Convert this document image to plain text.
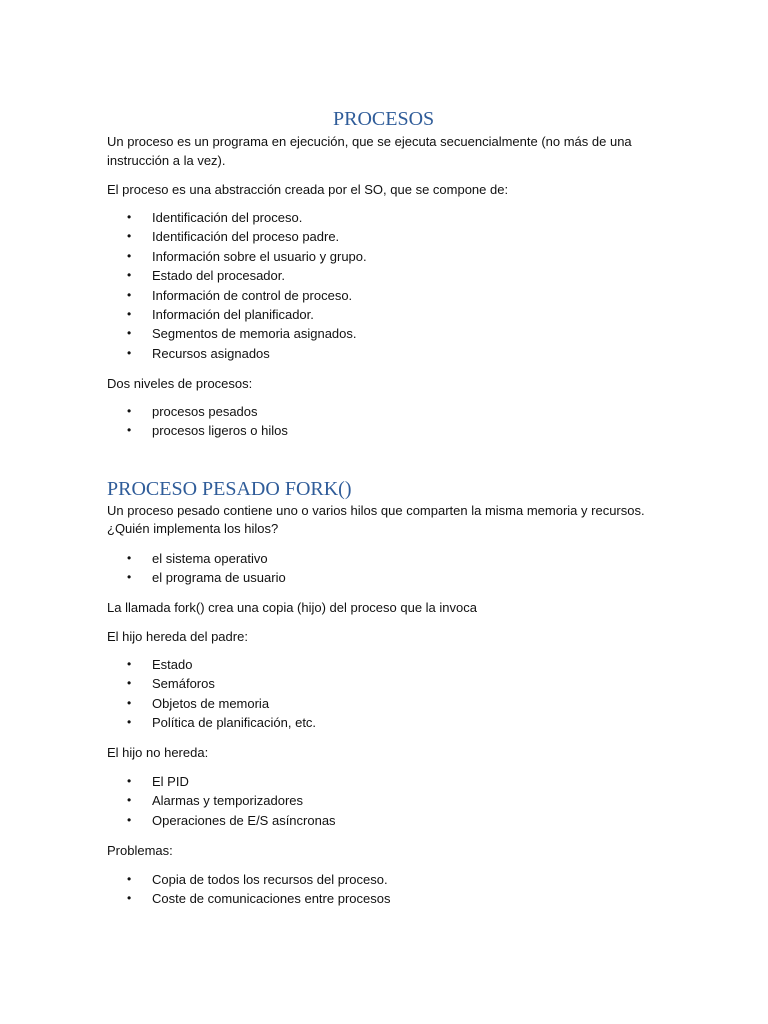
PROCESOS

Un proceso es un programa en ejecución, que se ejecuta secuencialmente (no más de una

instrucción a la vez).

El proceso es una abstracción creada por el SO, que se compone de:

•
Identificación del proceso.
•
Identificación del proceso padre.
•
Información sobre el usuario y grupo.
•
Estado del procesador.
•
Información de control de proceso.
•
Información del planificador.
•
Segmentos de memoria asignados.
•
Recursos asignados

Dos niveles de procesos:

•
procesos pesados
•
procesos ligeros o hilos
PROCESO PESADO FORK()

Un proceso pesado contiene uno o varios hilos que comparten la misma memoria y recursos.

¿Quién implementa los hilos?

•
el sistema operativo
•
el programa de usuario

La llamada fork() crea una copia (hijo) del proceso que la invoca

El hijo hereda del padre:

•
Estado
•
Semáforos
•
Objetos de memoria
•
Política de planificación, etc.

El hijo no hereda:

•
El PID
•
Alarmas y temporizadores
•
Operaciones de E/S asíncronas

Problemas:

•
Copia de todos los recursos del proceso.
•
Coste de comunicaciones entre procesos
